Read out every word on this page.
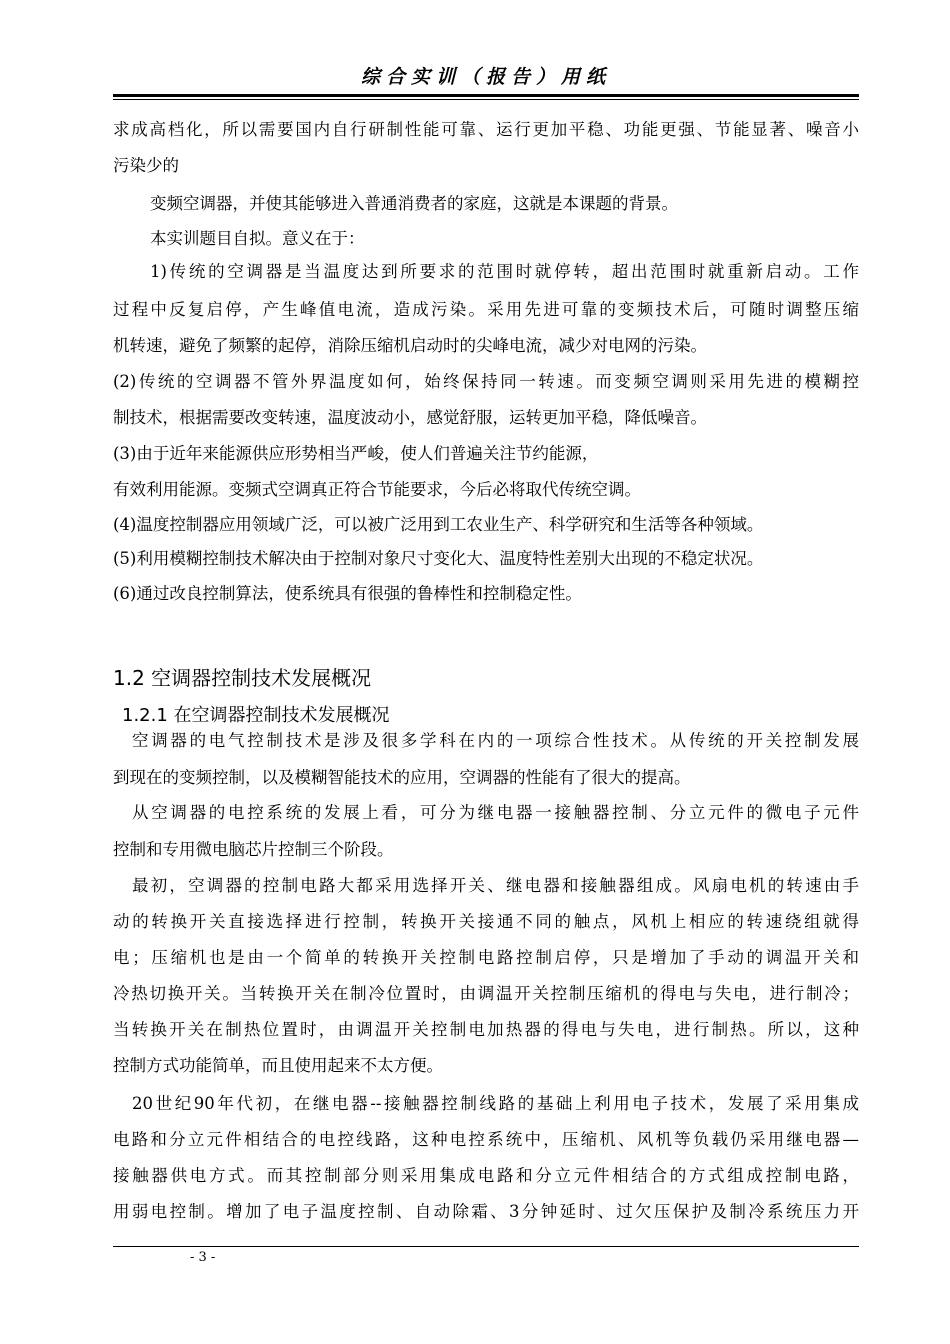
综合实训（报告）用纸
求成高档化，所以需要国内自行研制性能可靠、运行更加平稳、功能更强、节能显著、噪音小
污染少的
变频空调器，并使其能够进入普通消费者的家庭，这就是本课题的背景。
本实训题目自拟。意义在于：
1)传统的空调器是当温度达到所要求的范围时就停转，超出范围时就重新启动。工作
过程中反复启停，产生峰值电流，造成污染。采用先进可靠的变频技术后，可随时调整压缩
机转速，避免了频繁的起停，消除压缩机启动时的尖峰电流，减少对电网的污染。
(2)传统的空调器不管外界温度如何，始终保持同一转速。而变频空调则采用先进的模糊控
制技术，根据需要改变转速，温度波动小，感觉舒服，运转更加平稳，降低噪音。
(3)由于近年来能源供应形势相当严峻，使人们普遍关注节约能源，
有效利用能源。变频式空调真正符合节能要求，今后必将取代传统空调。
(4)温度控制器应用领域广泛，可以被广泛用到工农业生产、科学研究和生活等各种领域。
(5)利用模糊控制技术解决由于控制对象尺寸变化大、温度特性差别大出现的不稳定状况。
(6)通过改良控制算法，使系统具有很强的鲁棒性和控制稳定性。
1.2 空调器控制技术发展概况
1.2.1 在空调器控制技术发展概况
空调器的电气控制技术是涉及很多学科在内的一项综合性技术。从传统的开关控制发展
到现在的变频控制，以及模糊智能技术的应用，空调器的性能有了很大的提高。
从空调器的电控系统的发展上看，可分为继电器一接触器控制、分立元件的微电子元件
控制和专用微电脑芯片控制三个阶段。
最初，空调器的控制电路大都采用选择开关、继电器和接触器组成。风扇电机的转速由手
动的转换开关直接选择进行控制，转换开关接通不同的触点，风机上相应的转速绕组就得
电；压缩机也是由一个简单的转换开关控制电路控制启停，只是增加了手动的调温开关和
冷热切换开关。当转换开关在制冷位置时，由调温开关控制压缩机的得电与失电，进行制冷；
当转换开关在制热位置时，由调温开关控制电加热器的得电与失电，进行制热。所以，这种
控制方式功能简单，而且使用起来不太方便。
20世纪90年代初，在继电器--接触器控制线路的基础上利用电子技术，发展了采用集成
电路和分立元件相结合的电控线路，这种电控系统中，压缩机、风机等负载仍采用继电器—
接触器供电方式。而其控制部分则采用集成电路和分立元件相结合的方式组成控制电路，
用弱电控制。增加了电子温度控制、自动除霜、3分钟延时、过欠压保护及制冷系统压力开
- 3 -
